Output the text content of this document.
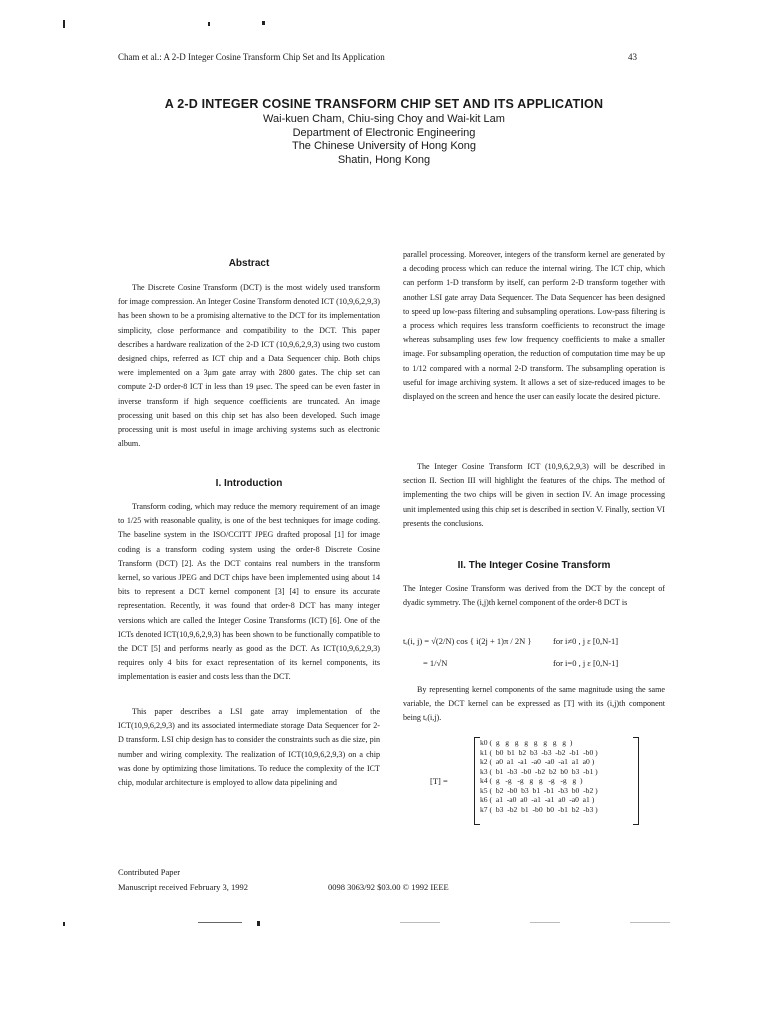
Cham et al.: A 2-D Integer Cosine Transform Chip Set and Its Application	43
A 2-D INTEGER COSINE TRANSFORM CHIP SET AND ITS APPLICATION
Wai-kuen Cham, Chiu-sing Choy and Wai-kit Lam
Department of Electronic Engineering
The Chinese University of Hong Kong
Shatin, Hong Kong
Abstract

The Discrete Cosine Transform (DCT) is the most widely used transform for image compression. An Integer Cosine Transform denoted ICT (10,9,6,2,9,3) has been shown to be a promising alternative to the DCT for its implementation simplicity, close performance and compatibility to the DCT. This paper describes a hardware realization of the 2-D ICT (10,9,6,2,9,3) using two custom designed chips, referred as ICT chip and a Data Sequencer chip. Both chips were implemented on a 3μm gate array with 2800 gates. The chip set can compute 2-D order-8 ICT in less than 19 μsec. The speed can be even faster in inverse transform if high sequence coefficients are truncated. An image processing unit based on this chip set has also been developed. Such image processing unit is most useful in image archiving systems such as electronic album.

I. Introduction

Transform coding, which may reduce the memory requirement of an image to 1/25 with reasonable quality, is one of the best techniques for image coding. The baseline system in the ISO/CCITT JPEG drafted proposal [1] for image coding is a transform coding system using the order-8 Discrete Cosine Transform (DCT) [2]. As the DCT contains real numbers in the transform kernel, so various JPEG and DCT chips have been implemented using about 14 bits to represent a DCT kernel component [3] [4] to ensure its accurate representation. Recently, it was found that order-8 DCT has many integer versions which are called the Integer Cosine Transforms (ICT) [6]. One of the ICTs denoted ICT(10,9,6,2,9,3) has been shown to be functionally compatible to the DCT [5] and performs nearly as good as the DCT. As ICT(10,9,6,2,9,3) requires only 4 bits for exact representation of its kernel components, its implementation is easier and costs less than the DCT.

This paper describes a LSI gate array implementation of the ICT(10,9,6,2,9,3) and its associated intermediate storage Data Sequencer for 2-D transform. LSI chip design has to consider the constraints such as die size, pin number and wiring complexity. The realization of ICT(10,9,6,2,9,3) on a chip was done by optimizing those limitations. To reduce the complexity of the ICT chip, modular architecture is employed to allow data pipelining and

parallel processing. Moreover, integers of the transform kernel are generated by a decoding process which can reduce the internal wiring. The ICT chip, which can perform 1-D transform by itself, can perform 2-D transform together with another LSI gate array Data Sequencer. The Data Sequencer has been designed to speed up low-pass filtering and subsampling operations. Low-pass filtering is a process which requires less transform coefficients to reconstruct the image whereas subsampling uses few low frequency coefficients to make a smaller image. For subsampling operation, the reduction of computation time may be up to 1/12 compared with a normal 2-D transform. The subsampling operation is useful for image archiving system. It allows a set of size-reduced images to be displayed on the screen and hence the user can easily locate the desired picture.

The Integer Cosine Transform ICT (10,9,6,2,9,3) will be described in section II. Section III will highlight the features of the chips. The method of implementing the two chips will be given in section IV. An image processing unit implemented using this chip set is described in section V. Finally, section VI presents the conclusions.

II. The Integer Cosine Transform

The Integer Cosine Transform was derived from the DCT by the concept of dyadic symmetry. The (i,j)th kernel component of the order-8 DCT is

tₑ(i, j) = √(2/N) cos { i(2j + 1)π / 2N }	for i≠0 , j ε [0,N-1]
= 1/√N	for i=0 , j ε [0,N-1]

By representing kernel components of the same magnitude using the same variable, the DCT kernel can be expressed as [T] with its (i,j)th component being tₑ(i,j).

[T] =
k0 (  g   g   g   g   g   g   g   g  )
k1 (  b0  b1  b2  b3  -b3  -b2  -b1  -b0 )
k2 (  a0  a1  -a1  -a0  -a0  -a1  a1  a0 )
k3 (  b1  -b3  -b0  -b2  b2  b0  b3  -b1 )
k4 (  g   -g   -g   g   g   -g   -g   g  )
k5 (  b2  -b0  b3  b1  -b1  -b3  b0  -b2 )
k6 (  a1  -a0  a0  -a1  -a1  a0  -a0  a1 )
k7 (  b3  -b2  b1  -b0  b0  -b1  b2  -b3 )
Contributed Paper
Manuscript received February 3, 1992	0098 3063/92 $03.00 © 1992 IEEE
